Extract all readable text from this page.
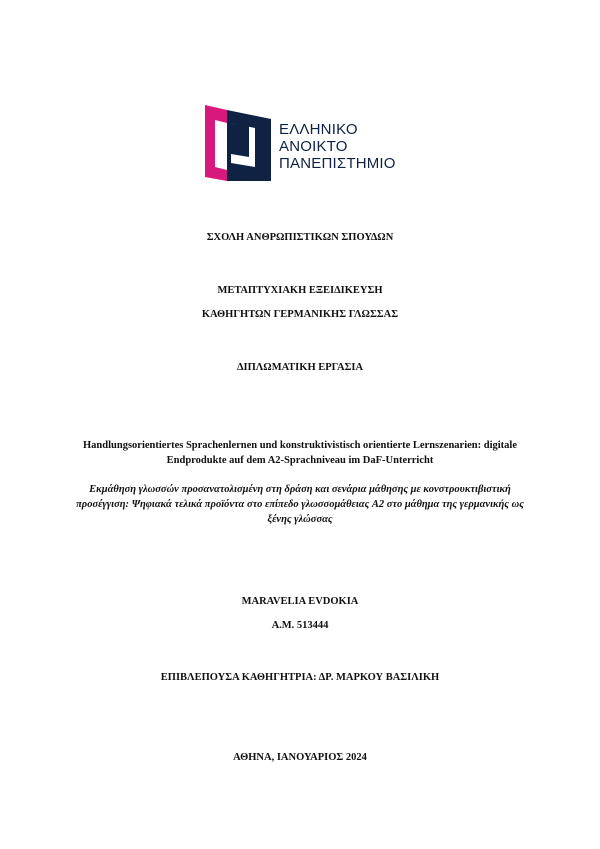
ΕΛΛΗΝΙΚΟ
ΑΝΟΙΚΤΟ
ΠΑΝΕΠΙΣΤΗΜΙΟ
ΣΧΟΛΗ ΑΝΘΡΩΠΙΣΤΙΚΩΝ ΣΠΟΥΔΩΝ
ΜΕΤΑΠΤΥΧΙΑΚΗ ΕΞΕΙΔΙΚΕΥΣΗ
ΚΑΘΗΓΗΤΩΝ ΓΕΡΜΑΝΙΚΗΣ ΓΛΩΣΣΑΣ
ΔΙΠΛΩΜΑΤΙΚΗ ΕΡΓΑΣΙΑ
Handlungsorientiertes Sprachenlernen und konstruktivistisch orientierte Lernszenarien: digitale Endprodukte auf dem A2-Sprachniveau im DaF-Unterricht
Εκμάθηση γλωσσών προσανατολισμένη στη δράση και σενάρια μάθησης με κονστρουκτιβιστική προσέγγιση: Ψηφιακά τελικά προϊόντα στο επίπεδο γλωσσομάθειας A2 στο μάθημα της γερμανικής ως ξένης γλώσσας
MARAVELIA EVDOKIA
A.M. 513444
ΕΠΙΒΛΕΠΟΥΣΑ ΚΑΘΗΓΗΤΡΙΑ: ΔΡ. ΜΑΡΚΟΥ ΒΑΣΙΛΙΚΗ
ΑΘΗΝΑ, ΙΑΝΟΥΑΡΙΟΣ 2024
